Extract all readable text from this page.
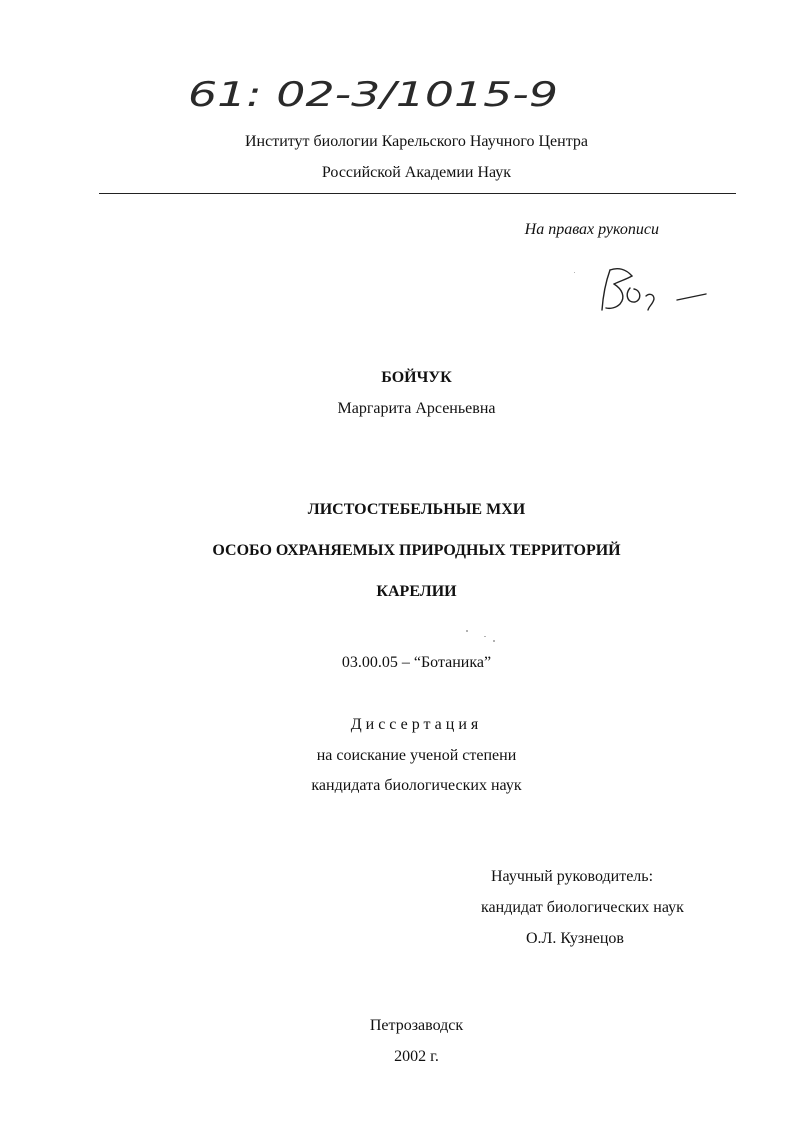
61: 02-3/1015-9
Институт биологии Карельского Научного Центра
Российской Академии Наук
На правах рукописи
БОЙЧУК
Маргарита Арсеньевна
ЛИСТОСТЕБЕЛЬНЫЕ МХИ
ОСОБО ОХРАНЯЕМЫХ ПРИРОДНЫХ ТЕРРИТОРИЙ
КАРЕЛИИ
03.00.05 – “Ботаника”
Диссертация
на соискание ученой степени
кандидата биологических наук
Научный руководитель:
кандидат биологических наук
О.Л. Кузнецов
Петрозаводск
2002 г.
